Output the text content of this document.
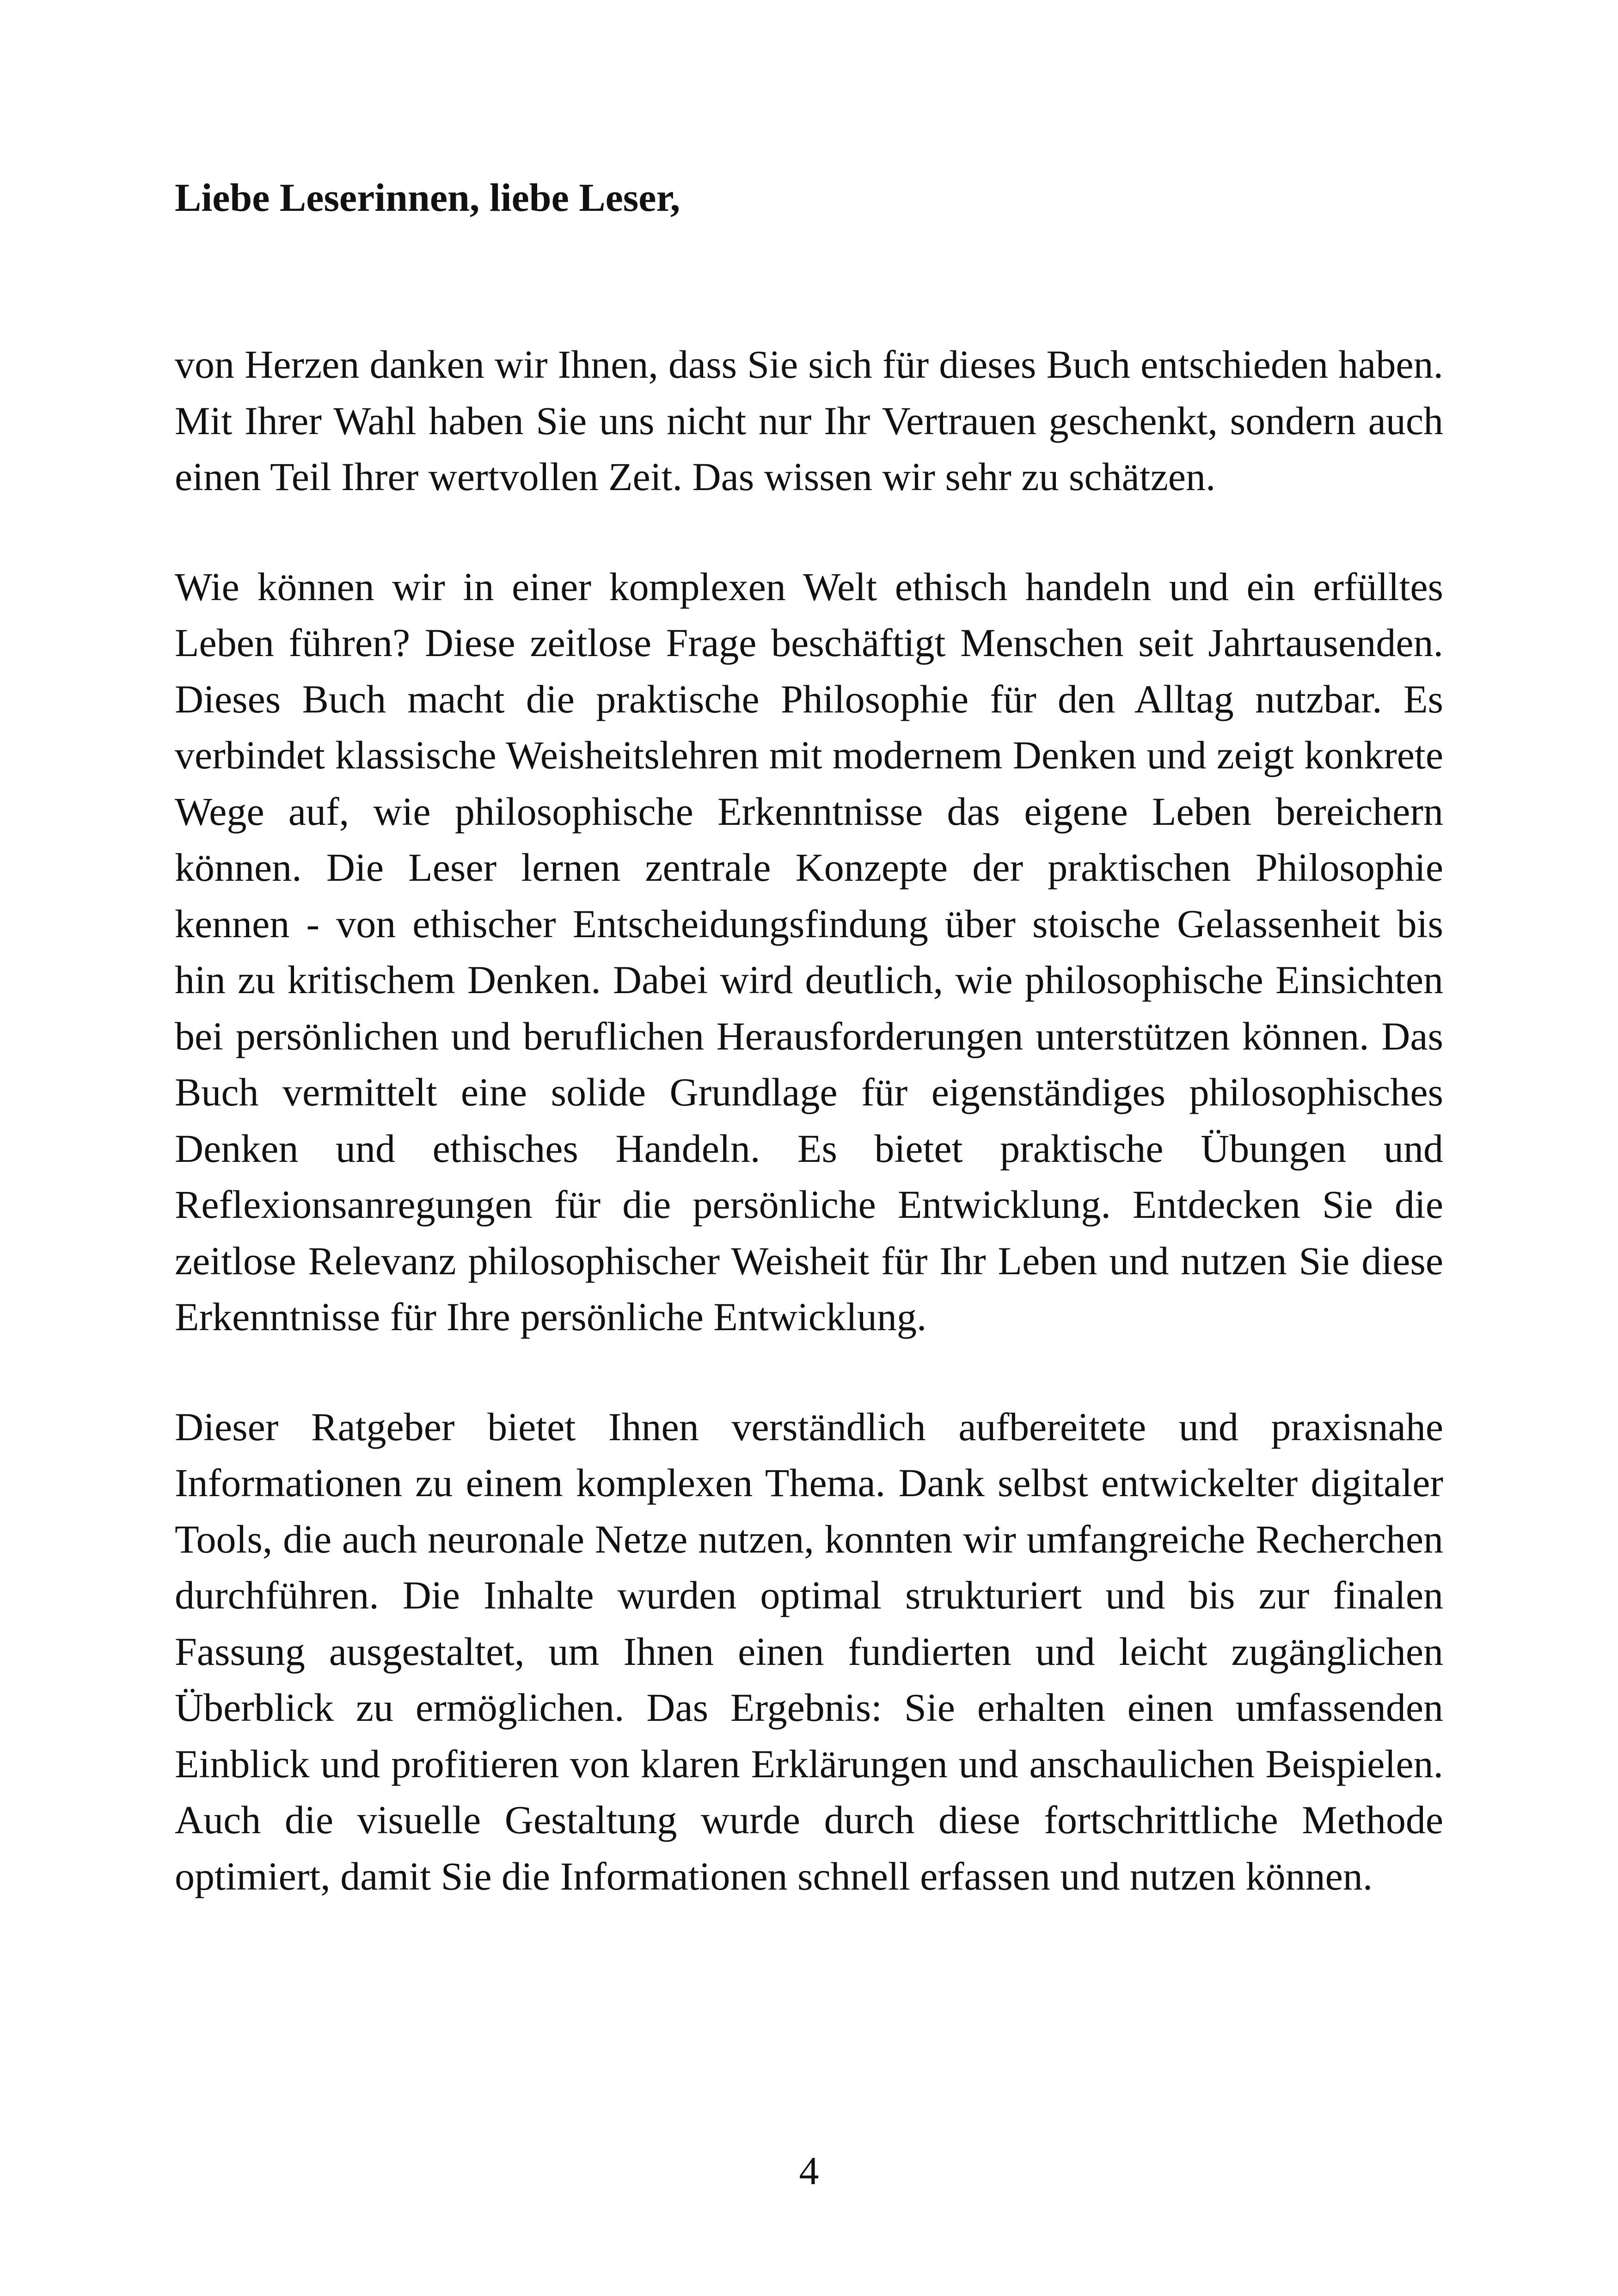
Liebe Leserinnen, liebe Leser,

von Herzen danken wir Ihnen, dass Sie sich für dieses Buch entschieden haben. Mit Ihrer Wahl haben Sie uns nicht nur Ihr Vertrauen geschenkt, sondern auch einen Teil Ihrer wertvollen Zeit. Das wissen wir sehr zu schätzen.

Wie können wir in einer komplexen Welt ethisch handeln und ein erfülltes Leben führen? Diese zeitlose Frage beschäftigt Menschen seit Jahrtausenden. Dieses Buch macht die praktische Philosophie für den Alltag nutzbar. Es verbindet klassische Weisheitslehren mit modernem Denken und zeigt konkrete Wege auf, wie philosophische Erkenntnisse das eigene Leben bereichern können. Die Leser lernen zentrale Konzepte der praktischen Philosophie kennen - von ethischer Entscheidungsfindung über stoische Gelassenheit bis hin zu kritischem Denken. Dabei wird deutlich, wie philosophische Einsichten bei persönlichen und beruflichen Herausforderungen unterstützen können. Das Buch vermittelt eine solide Grundlage für eigenständiges philosophisches Denken und ethisches Handeln. Es bietet praktische Übungen und Reflexionsanregungen für die persönliche Entwicklung. Entdecken Sie die zeitlose Relevanz philosophischer Weisheit für Ihr Leben und nutzen Sie diese Erkenntnisse für Ihre persönliche Entwicklung.

Dieser Ratgeber bietet Ihnen verständlich aufbereitete und praxisnahe Informationen zu einem komplexen Thema. Dank selbst entwickelter digitaler Tools, die auch neuronale Netze nutzen, konnten wir umfangreiche Recherchen durchführen. Die Inhalte wurden optimal strukturiert und bis zur finalen Fassung ausgestaltet, um Ihnen einen fundierten und leicht zugänglichen Überblick zu ermöglichen. Das Ergebnis: Sie erhalten einen umfassenden Einblick und profitieren von klaren Erklärungen und anschaulichen Beispielen. Auch die visuelle Gestaltung wurde durch diese fortschrittliche Methode optimiert, damit Sie die Informationen schnell erfassen und nutzen können.

4
